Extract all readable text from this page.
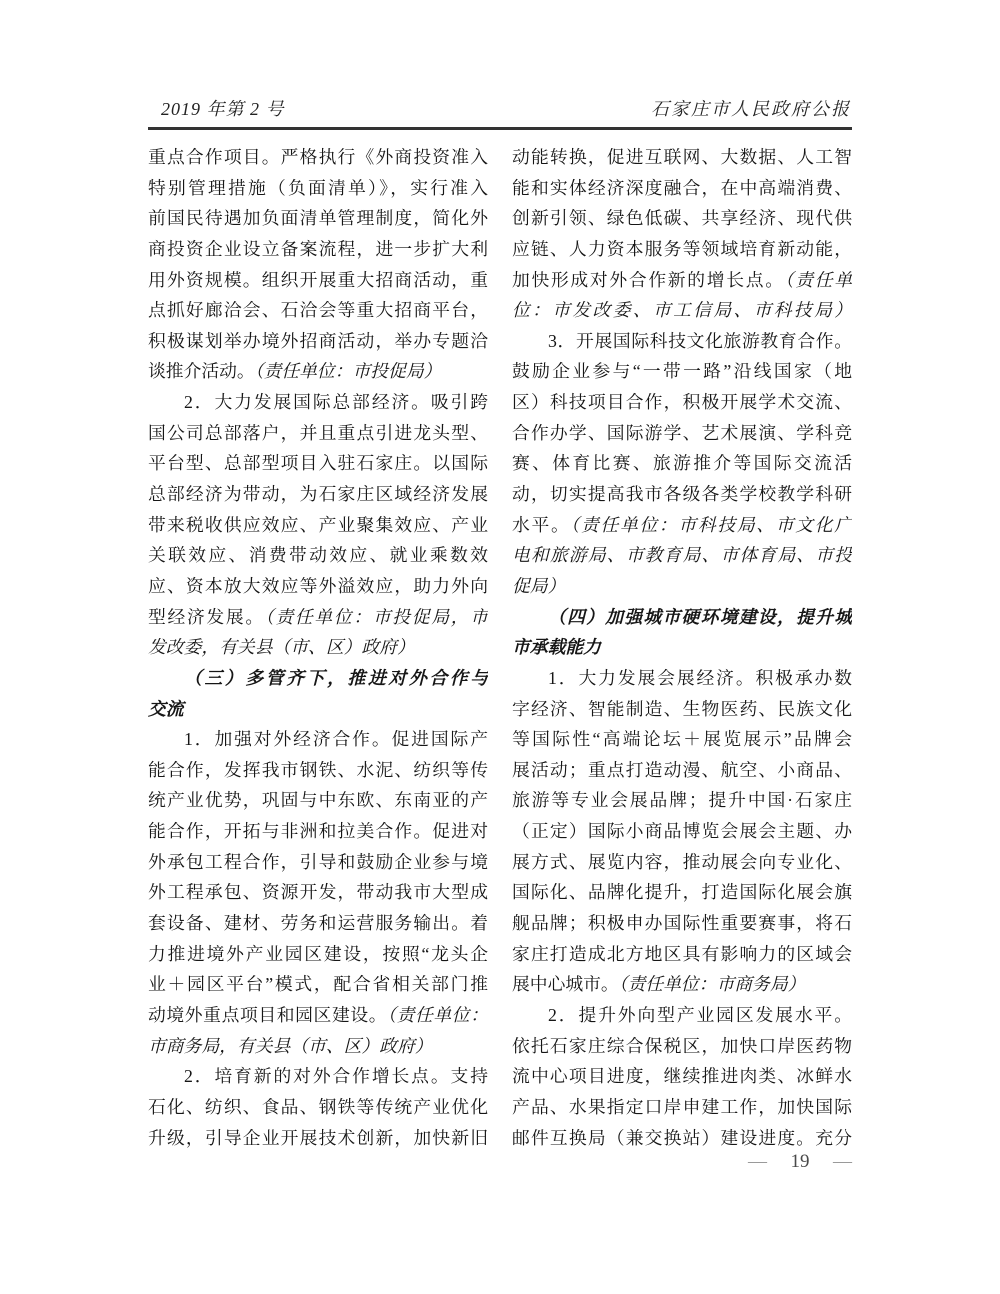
2019 年第 2 号	石家庄市人民政府公报
重点合作项目。严格执行《外商投资准入
特别管理措施（负面清单）》，实行准入
前国民待遇加负面清单管理制度，简化外
商投资企业设立备案流程，进一步扩大利
用外资规模。组织开展重大招商活动，重
点抓好廊洽会、石洽会等重大招商平台，
积极谋划举办境外招商活动，举办专题洽
谈推介活动。（责任单位：市投促局）
2．大力发展国际总部经济。吸引跨
国公司总部落户，并且重点引进龙头型、
平台型、总部型项目入驻石家庄。以国际
总部经济为带动，为石家庄区域经济发展
带来税收供应效应、产业聚集效应、产业
关联效应、消费带动效应、就业乘数效
应、资本放大效应等外溢效应，助力外向
型经济发展。（责任单位：市投促局，市
发改委，有关县（市、区）政府）
（三）多管齐下，推进对外合作与
交流
1．加强对外经济合作。促进国际产
能合作，发挥我市钢铁、水泥、纺织等传
统产业优势，巩固与中东欧、东南亚的产
能合作，开拓与非洲和拉美合作。促进对
外承包工程合作，引导和鼓励企业参与境
外工程承包、资源开发，带动我市大型成
套设备、建材、劳务和运营服务输出。着
力推进境外产业园区建设，按照“龙头企
业＋园区平台”模式，配合省相关部门推
动境外重点项目和园区建设。（责任单位：
市商务局，有关县（市、区）政府）
2．培育新的对外合作增长点。支持
石化、纺织、食品、钢铁等传统产业优化
升级，引导企业开展技术创新，加快新旧
动能转换，促进互联网、大数据、人工智
能和实体经济深度融合，在中高端消费、
创新引领、绿色低碳、共享经济、现代供
应链、人力资本服务等领域培育新动能，
加快形成对外合作新的增长点。（责任单
位：市发改委、市工信局、市科技局）
3．开展国际科技文化旅游教育合作。
鼓励企业参与“一带一路”沿线国家（地
区）科技项目合作，积极开展学术交流、
合作办学、国际游学、艺术展演、学科竞
赛、体育比赛、旅游推介等国际交流活
动，切实提高我市各级各类学校教学科研
水平。（责任单位：市科技局、市文化广
电和旅游局、市教育局、市体育局、市投
促局）
（四）加强城市硬环境建设，提升城
市承载能力
1．大力发展会展经济。积极承办数
字经济、智能制造、生物医药、民族文化
等国际性“高端论坛＋展览展示”品牌会
展活动；重点打造动漫、航空、小商品、
旅游等专业会展品牌；提升中国·石家庄
（正定）国际小商品博览会展会主题、办
展方式、展览内容，推动展会向专业化、
国际化、品牌化提升，打造国际化展会旗
舰品牌；积极申办国际性重要赛事，将石
家庄打造成北方地区具有影响力的区域会
展中心城市。（责任单位：市商务局）
2．提升外向型产业园区发展水平。
依托石家庄综合保税区，加快口岸医药物
流中心项目进度，继续推进肉类、冰鲜水
产品、水果指定口岸申建工作，加快国际
邮件互换局（兼交换站）建设进度。充分
— 19 —
